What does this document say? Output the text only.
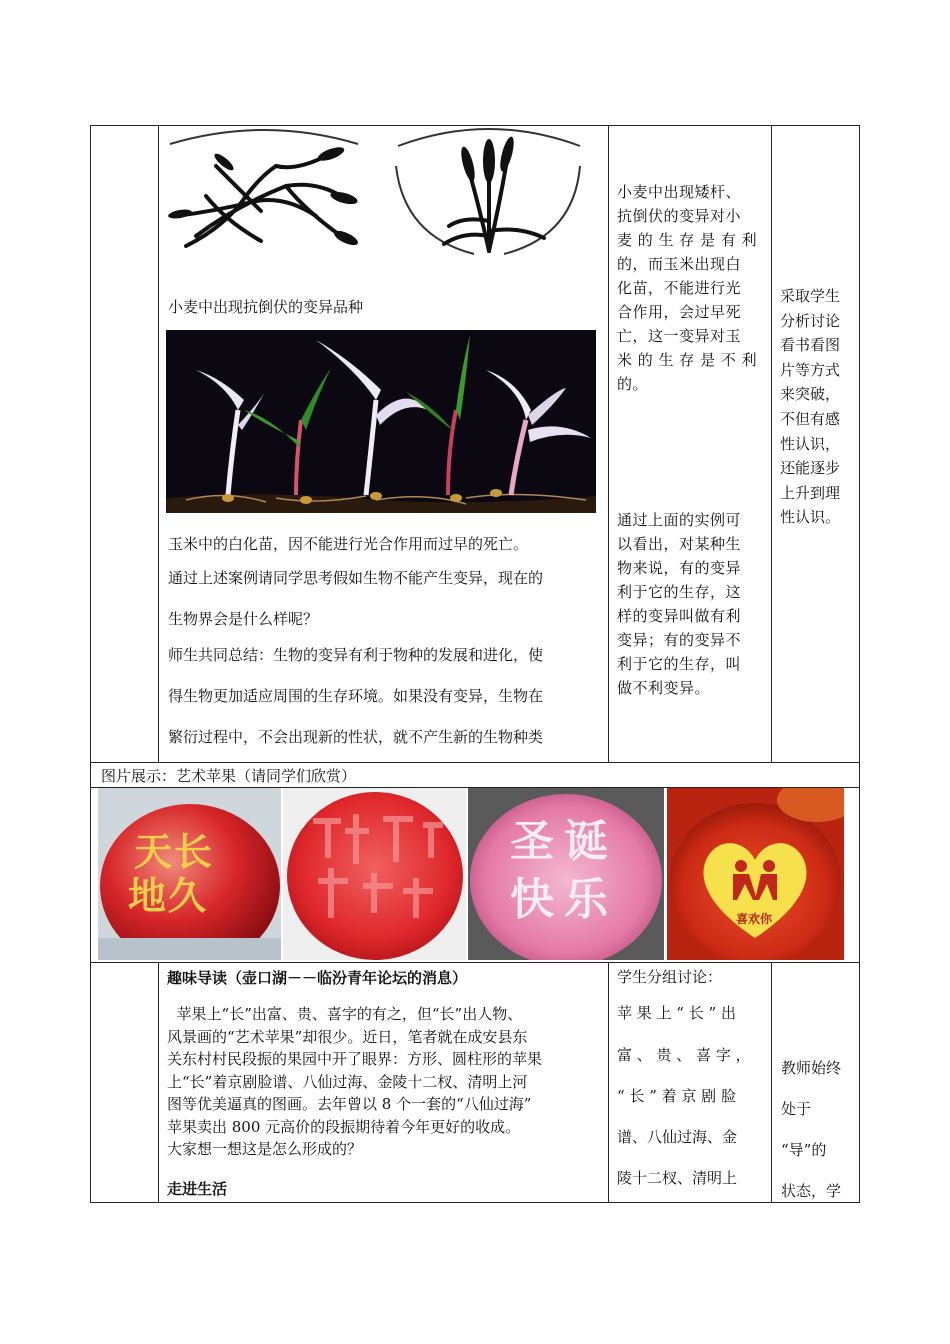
小麦中出现抗倒伏的变异品种
玉米中的白化苗，因不能进行光合作用而过早的死亡。
通过上述案例请同学思考假如生物不能产生变异，现在的
生物界会是什么样呢？
师生共同总结：生物的变异有利于物种的发展和进化，使
得生物更加适应周围的生存环境。如果没有变异，生物在
繁衍过程中，不会出现新的性状，就不产生新的生物种类
小麦中出现矮杆、
抗倒伏的变异对小
麦 的 生 存 是 有 利
的，而玉米出现白
化苗，不能进行光
合作用，会过早死
亡，这一变异对玉
米 的 生 存 是 不 利
的。
通过上面的实例可
以看出，对某种生
物来说，有的变异
利于它的生存，这
样的变异叫做有利
变异；有的变异不
利于它的生存，叫
做不利变异。
采取学生
分析讨论
看书看图
片等方式
来突破，
不但有感
性认识，
还能逐步
上升到理
性认识。
图片展示：艺术苹果（请同学们欣赏）
天长
地久
圣诞
快乐	喜欢你
趣味导读（壶口湖－－临汾青年论坛的消息）
苹果上“长”出富、贵、喜字的有之，但“长”出人物、
风景画的“艺术苹果”却很少。近日，笔者就在成安县东
关东村村民段振的果园中开了眼界：方形、圆柱形的苹果
上“长”着京剧脸谱、八仙过海、金陵十二杈、清明上河
图等优美逼真的图画。去年曾以 8 个一套的“八仙过海”
苹果卖出 800 元高价的段振期待着今年更好的收成。
大家想一想这是怎么形成的？
走进生活
学生分组讨论：
苹 果 上 “ 长 ” 出
富 、 贵 、 喜 字 ，
“ 长 ” 着 京 剧 脸
谱、八仙过海、金
陵十二杈、清明上
教师始终
处于
“导”的
状态，学
